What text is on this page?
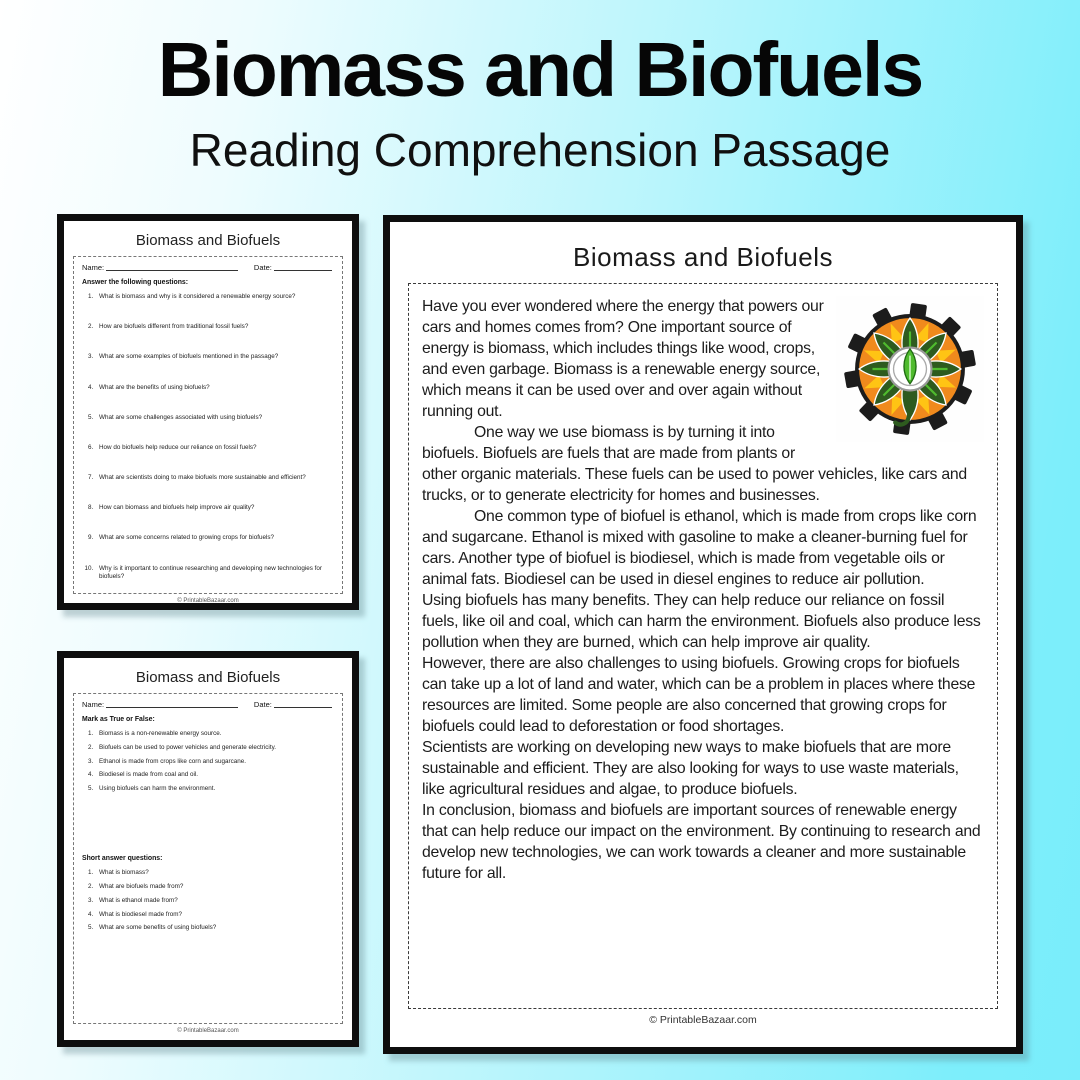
Biomass and Biofuels
Reading Comprehension Passage
Biomass and Biofuels
Name:	Date:
Answer the following questions:
1. What is biomass and why is it considered a renewable energy source?
2. How are biofuels different from traditional fossil fuels?
3. What are some examples of biofuels mentioned in the passage?
4. What are the benefits of using biofuels?
5. What are some challenges associated with using biofuels?
6. How do biofuels help reduce our reliance on fossil fuels?
7. What are scientists doing to make biofuels more sustainable and efficient?
8. How can biomass and biofuels help improve air quality?
9. What are some concerns related to growing crops for biofuels?
10. Why is it important to continue researching and developing new technologies for biofuels?
© PrintableBazaar.com
Biomass and Biofuels
Name:	Date:
Mark as True or False:
1. Biomass is a non-renewable energy source.
2. Biofuels can be used to power vehicles and generate electricity.
3. Ethanol is made from crops like corn and sugarcane.
4. Biodiesel is made from coal and oil.
5. Using biofuels can harm the environment.
Short answer questions:
1. What is biomass?
2. What are biofuels made from?
3. What is ethanol made from?
4. What is biodiesel made from?
5. What are some benefits of using biofuels?
© PrintableBazaar.com
Biomass and Biofuels

Have you ever wondered where the energy that powers our cars and homes comes from? One important source of energy is biomass, which includes things like wood, crops, and even garbage. Biomass is a renewable energy source, which means it can be used over and over again without running out.

One way we use biomass is by turning it into biofuels. Biofuels are fuels that are made from plants or other organic materials. These fuels can be used to power vehicles, like cars and trucks, or to generate electricity for homes and businesses.

One common type of biofuel is ethanol, which is made from crops like corn and sugarcane. Ethanol is mixed with gasoline to make a cleaner-burning fuel for cars. Another type of biofuel is biodiesel, which is made from vegetable oils or animal fats. Biodiesel can be used in diesel engines to reduce air pollution.

Using biofuels has many benefits. They can help reduce our reliance on fossil fuels, like oil and coal, which can harm the environment. Biofuels also produce less pollution when they are burned, which can help improve air quality.

However, there are also challenges to using biofuels. Growing crops for biofuels can take up a lot of land and water, which can be a problem in places where these resources are limited. Some people are also concerned that growing crops for biofuels could lead to deforestation or food shortages.

Scientists are working on developing new ways to make biofuels that are more sustainable and efficient. They are also looking for ways to use waste materials, like agricultural residues and algae, to produce biofuels.

In conclusion, biomass and biofuels are important sources of renewable energy that can help reduce our impact on the environment. By continuing to research and develop new technologies, we can work towards a cleaner and more sustainable future for all.

© PrintableBazaar.com
